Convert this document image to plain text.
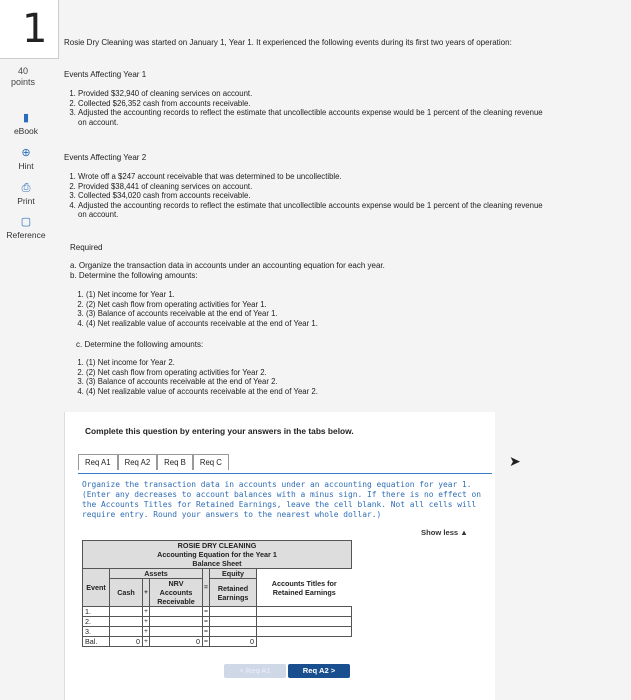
1
40
points
▮
eBook
⊕
Hint
⎙
Print
▢
Reference
Rosie Dry Cleaning was started on January 1, Year 1. It experienced the following events during its first two years of operation:
Events Affecting Year 1
1. Provided $32,940 of cleaning services on account.
2. Collected $26,352 cash from accounts receivable.
3. Adjusted the accounting records to reflect the estimate that uncollectible accounts expense would be 1 percent of the cleaning revenue on account.
Events Affecting Year 2
1. Wrote off a $247 account receivable that was determined to be uncollectible.
2. Provided $38,441 of cleaning services on account.
3. Collected $34,020 cash from accounts receivable.
4. Adjusted the accounting records to reflect the estimate that uncollectible accounts expense would be 1 percent of the cleaning revenue on account.
Required
a. Organize the transaction data in accounts under an accounting equation for each year.
b. Determine the following amounts:
1. (1) Net income for Year 1.
2. (2) Net cash flow from operating activities for Year 1.
3. (3) Balance of accounts receivable at the end of Year 1.
4. (4) Net realizable value of accounts receivable at the end of Year 1.
c. Determine the following amounts:
1. (1) Net income for Year 2.
2. (2) Net cash flow from operating activities for Year 2.
3. (3) Balance of accounts receivable at the end of Year 2.
4. (4) Net realizable value of accounts receivable at the end of Year 2.
Complete this question by entering your answers in the tabs below.
Req A1	Req A2	Req B	Req C	➤
Organize the transaction data in accounts under an accounting equation for year 1. (Enter any decreases to account balances with a minus sign. If there is no effect on the Accounts Titles for Retained Earnings, leave the cell blank. Not all cells will require entry. Round your answers to the nearest whole dollar.)
Show less ▲
ROSIE DRY CLEANING						
Accounting Equation for the Year 1						
Balance Sheet						
Event	Assets			=	Equity	Accounts Titles for Retained Earnings
	Cash	+	NRV Accounts Receivable		Retained Earnings	

1.		+		=		
2.		+		=		
3.		+		=		
Bal.	0	+	0	=	0	
< Req A1	Req A2 >
